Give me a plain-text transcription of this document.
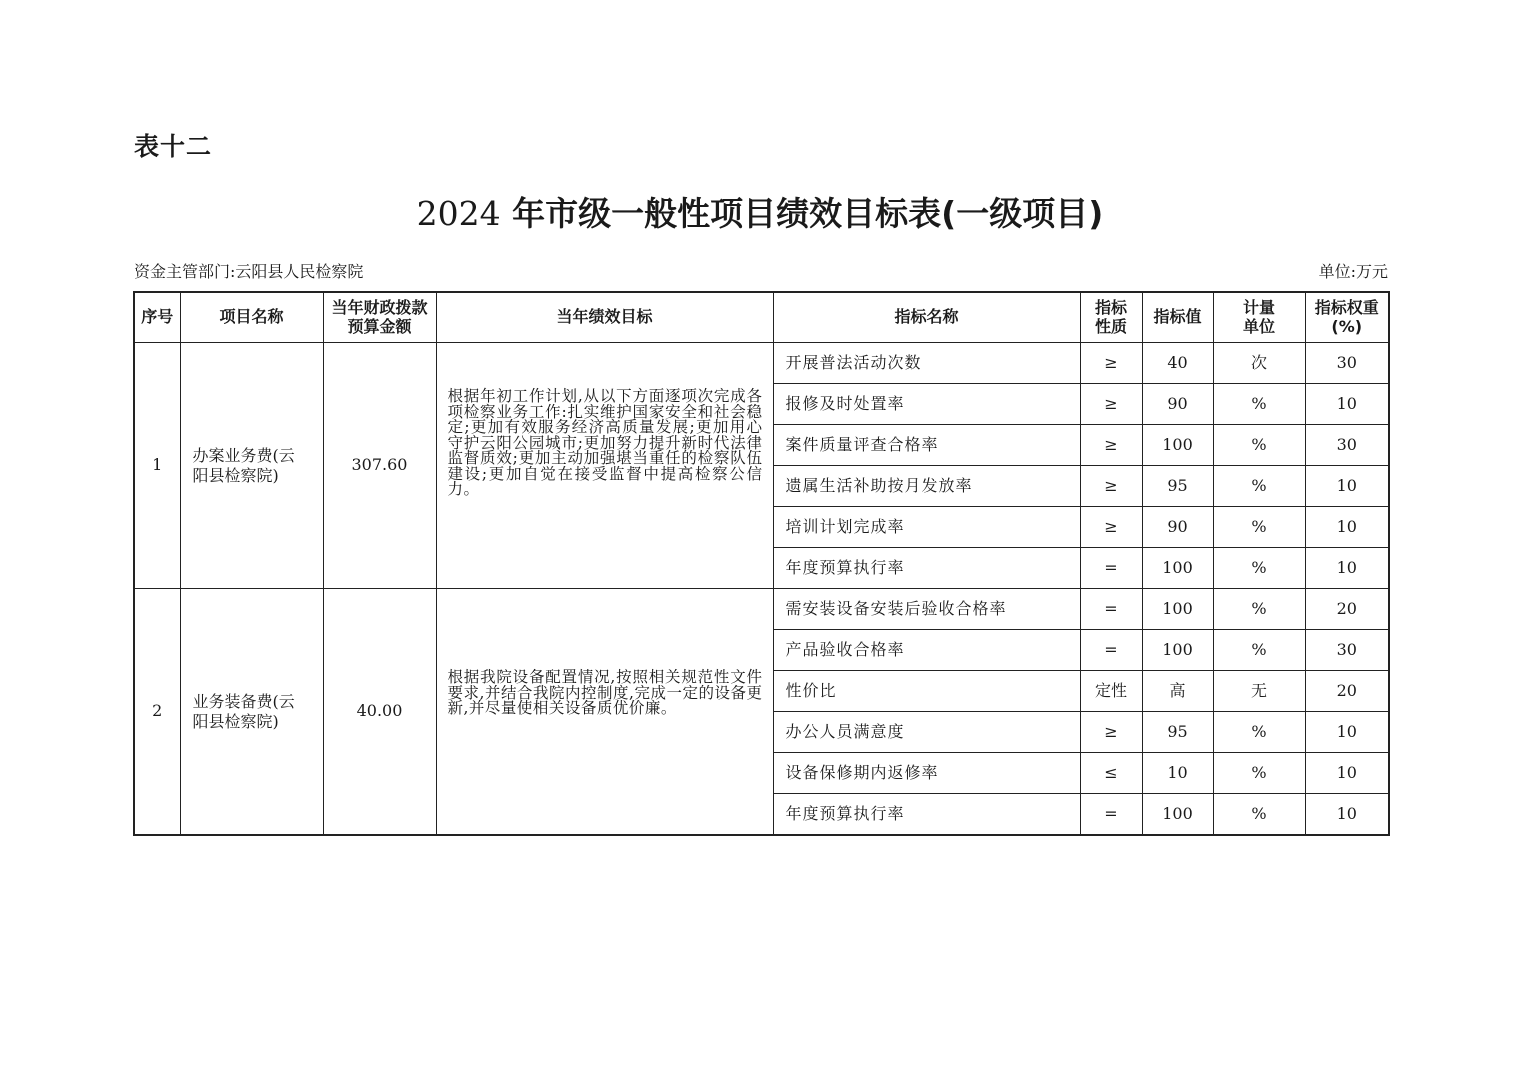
表十二
2024 年市级一般性项目绩效目标表(一级项目)
资金主管部门:云阳县人民检察院	单位:万元
序号	项目名称	当年财政拨款预算金额	当年绩效目标	指标名称	指标性质	指标值	计量单位	指标权重(%)
1	办案业务费(云阳县检察院)	307.60	根据年初工作计划,从以下方面逐项次完成各项检察业务工作:扎实维护国家安全和社会稳定;更加有效服务经济高质量发展;更加用心守护云阳公园城市;更加努力提升新时代法律监督质效;更加主动加强堪当重任的检察队伍建设;更加自觉在接受监督中提高检察公信力。	开展普法活动次数	≥	40	次	30
				报修及时处置率	≥	90	%	10
				案件质量评查合格率	≥	100	%	30
				遗属生活补助按月发放率	≥	95	%	10
				培训计划完成率	≥	90	%	10
				年度预算执行率	=	100	%	10
2	业务装备费(云阳县检察院)	40.00	根据我院设备配置情况,按照相关规范性文件要求,并结合我院内控制度,完成一定的设备更新,并尽量使相关设备质优价廉。	需安装设备安装后验收合格率	=	100	%	20
				产品验收合格率	=	100	%	30
				性价比	定性	高	无	20
				办公人员满意度	≥	95	%	10
				设备保修期内返修率	≤	10	%	10
				年度预算执行率	=	100	%	10
